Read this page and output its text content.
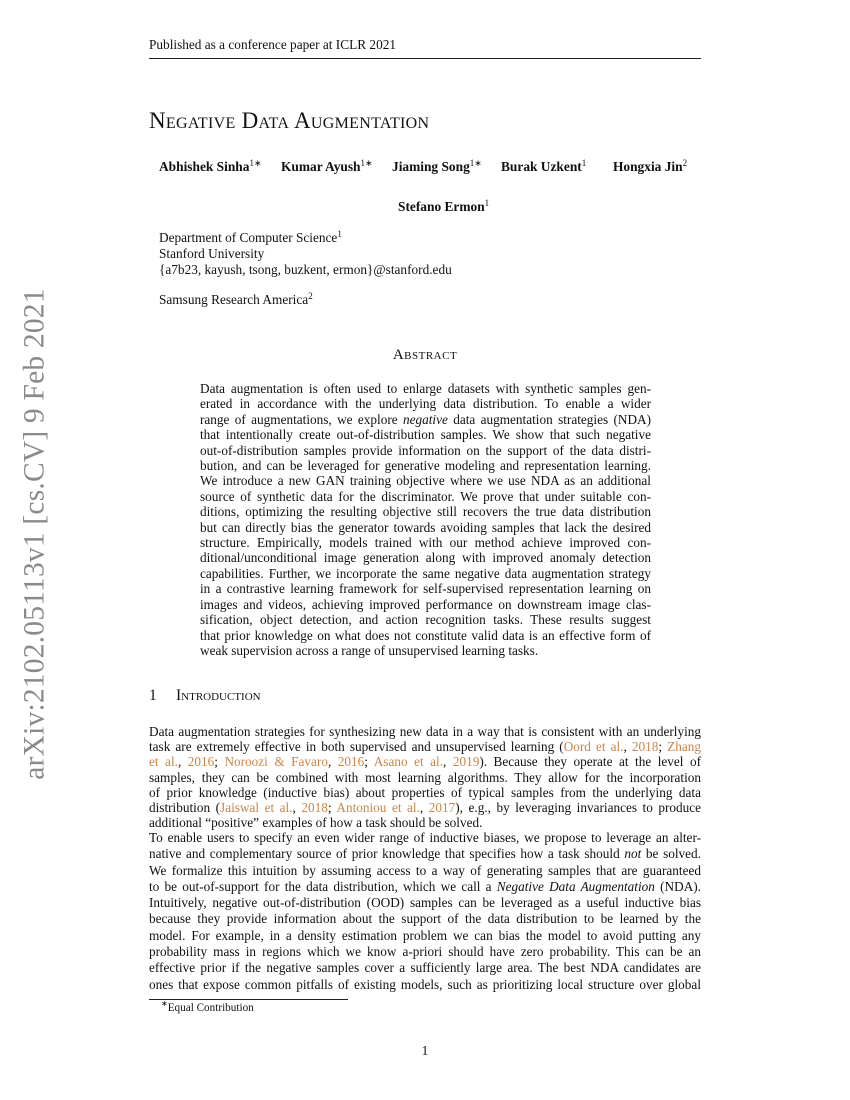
Published as a conference paper at ICLR 2021
arXiv:2102.05113v1 [cs.CV] 9 Feb 2021
Negative Data Augmentation
Abhishek Sinha$^{1∗}$ Kumar Ayush$^{1∗}$ Jiaming Song$^{1∗}$ Burak Uzkent$^1$ Hongxia Jin$^2$
Stefano Ermon$^1$
Department of Computer Science$^1$
Stanford University
{a7b23, kayush, tsong, buzkent, ermon}@stanford.edu
Samsung Research America$^2$
Abstract
Data augmentation is often used to enlarge datasets with synthetic samples gen-
erated in accordance with the underlying data distribution. To enable a wider
range of augmentations, we explore negative data augmentation strategies (NDA)
that intentionally create out-of-distribution samples. We show that such negative
out-of-distribution samples provide information on the support of the data distri-
bution, and can be leveraged for generative modeling and representation learning.
We introduce a new GAN training objective where we use NDA as an additional
source of synthetic data for the discriminator. We prove that under suitable con-
ditions, optimizing the resulting objective still recovers the true data distribution
but can directly bias the generator towards avoiding samples that lack the desired
structure. Empirically, models trained with our method achieve improved con-
ditional/unconditional image generation along with improved anomaly detection
capabilities. Further, we incorporate the same negative data augmentation strategy
in a contrastive learning framework for self-supervised representation learning on
images and videos, achieving improved performance on downstream image clas-
sification, object detection, and action recognition tasks. These results suggest
that prior knowledge on what does not constitute valid data is an effective form of
weak supervision across a range of unsupervised learning tasks.
1 Introduction
Data augmentation strategies for synthesizing new data in a way that is consistent with an underlying
task are extremely effective in both supervised and unsupervised learning (Oord et al., 2018; Zhang
et al., 2016; Noroozi & Favaro, 2016; Asano et al., 2019). Because they operate at the level of
samples, they can be combined with most learning algorithms. They allow for the incorporation
of prior knowledge (inductive bias) about properties of typical samples from the underlying data
distribution (Jaiswal et al., 2018; Antoniou et al., 2017), e.g., by leveraging invariances to produce
additional “positive” examples of how a task should be solved.
To enable users to specify an even wider range of inductive biases, we propose to leverage an alter-
native and complementary source of prior knowledge that specifies how a task should not be solved.
We formalize this intuition by assuming access to a way of generating samples that are guaranteed
to be out-of-support for the data distribution, which we call a Negative Data Augmentation (NDA).
Intuitively, negative out-of-distribution (OOD) samples can be leveraged as a useful inductive bias
because they provide information about the support of the data distribution to be learned by the
model. For example, in a density estimation problem we can bias the model to avoid putting any
probability mass in regions which we know a-priori should have zero probability. This can be an
effective prior if the negative samples cover a sufficiently large area. The best NDA candidates are
ones that expose common pitfalls of existing models, such as prioritizing local structure over global
∗Equal Contribution
1
